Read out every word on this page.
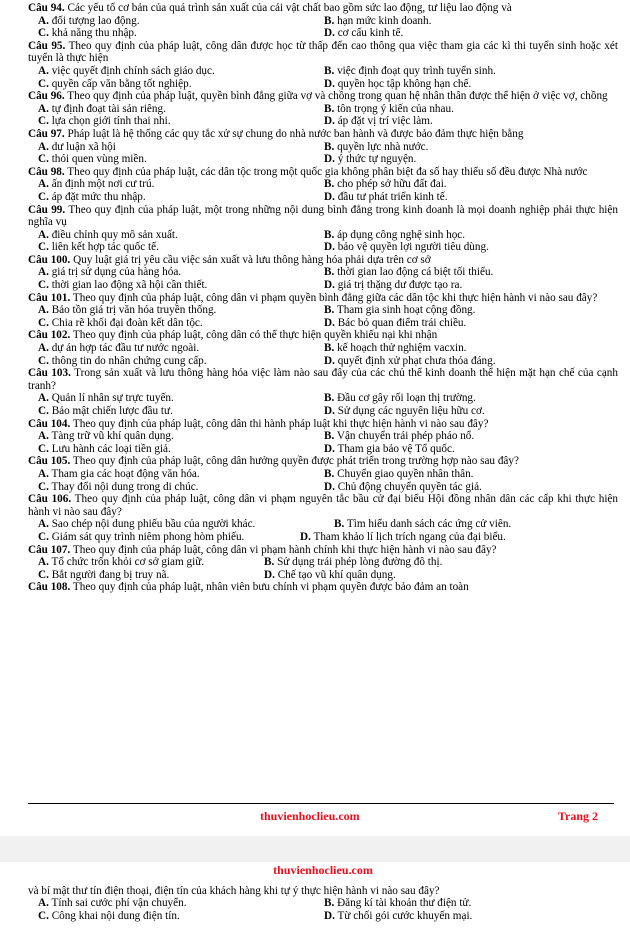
Câu 94. Các yếu tố cơ bản của quá trình sản xuất của cải vật chất bao gồm sức lao động, tư liệu lao động và
A. đối tượng lao động.	B. hạn mức kinh doanh.
C. khả năng thu nhập.	D. cơ cấu kinh tế.
Câu 95. Theo quy định của pháp luật, công dân được học từ thấp đến cao thông qua việc tham gia các kì thi tuyển sinh hoặc xét tuyển là thực hiện
A. việc quyết định chính sách giáo dục.	B. việc định đoạt quy trình tuyển sinh.
C. quyền cấp văn bằng tốt nghiệp.	D. quyền học tập không hạn chế.
Câu 96. Theo quy định của pháp luật, quyền bình đẳng giữa vợ và chồng trong quan hệ nhân thân được thể hiện ở việc vợ, chồng
A. tự định đoạt tài sản riêng.	B. tôn trọng ý kiến của nhau.
C. lựa chọn giới tính thai nhi.	D. áp đặt vị trí việc làm.
Câu 97. Pháp luật là hệ thống các quy tắc xử sự chung do nhà nước ban hành và được bảo đảm thực hiện bằng
A. dư luận xã hội	B. quyền lực nhà nước.
C. thói quen vùng miền.	D. ý thức tự nguyện.
Câu 98. Theo quy định của pháp luật, các dân tộc trong một quốc gia không phân biệt đa số hay thiểu số đều được Nhà nước
A. ấn định một nơi cư trú.	B. cho phép sở hữu đất đai.
C. áp đặt mức thu nhập.	D. đầu tư phát triển kinh tế.
Câu 99. Theo quy định của pháp luật, một trong những nội dung bình đẳng trong kinh doanh là mọi doanh nghiệp phải thực hiện nghĩa vụ
A. điều chỉnh quy mô sản xuất.	B. áp dụng công nghệ sinh học.
C. liên kết hợp tác quốc tế.	D. bảo vệ quyền lợi người tiêu dùng.
Câu 100. Quy luật giá trị yêu cầu việc sản xuất và lưu thông hàng hóa phải dựa trên cơ sở
A. giá trị sử dụng của hàng hóa.	B. thời gian lao động cá biệt tối thiểu.
C. thời gian lao động xã hội cần thiết.	D. giá trị thặng dư được tạo ra.
Câu 101. Theo quy định của pháp luật, công dân vi phạm quyền bình đẳng giữa các dân tộc khi thực hiện hành vi nào sau đây?
A. Bảo tồn giá trị văn hóa truyền thống.	B. Tham gia sinh hoạt cộng đồng.
C. Chia rẽ khối đại đoàn kết dân tộc.	D. Bác bỏ quan điểm trái chiều.
Câu 102. Theo quy định của pháp luật, công dân có thể thực hiện quyền khiếu nại khi nhận
A. dự án hợp tác đầu tư nước ngoài.	B. kế hoạch thử nghiệm vacxin.
C. thông tin do nhân chứng cung cấp.	D. quyết định xử phạt chưa thỏa đáng.
Câu 103. Trong sản xuất và lưu thông hàng hóa việc làm nào sau đây của các chủ thể kinh doanh thể hiện mặt hạn chế của cạnh tranh?
A. Quản lí nhân sự trực tuyến.	B. Đầu cơ gây rối loạn thị trường.
C. Bảo mật chiến lược đầu tư.	D. Sử dụng các nguyên liệu hữu cơ.
Câu 104. Theo quy định của pháp luật, công dân thi hành pháp luật khi thực hiện hành vi nào sau đây?
A. Tàng trữ vũ khí quân dụng.	B. Vận chuyển trái phép pháo nổ.
C. Lưu hành các loại tiền giả.	D. Tham gia bảo vệ Tổ quốc.
Câu 105. Theo quy định của pháp luật, công dân hưởng quyền được phát triển trong trường hợp nào sau đây?
A. Tham gia các hoạt động văn hóa.	B. Chuyển giao quyền nhân thân.
C. Thay đổi nội dung trong di chúc.	D. Chủ động chuyển quyền tác giả.
Câu 106. Theo quy định của pháp luật, công dân vi phạm nguyên tắc bầu cử đại biểu Hội đồng nhân dân các cấp khi thực hiện hành vi nào sau đây?
A. Sao chép nội dung phiếu bầu của người khác.	B. Tìm hiểu danh sách các ứng cử viên.
C. Giám sát quy trình niêm phong hòm phiếu.	D. Tham khảo lí lịch trích ngang của đại biểu.
Câu 107. Theo quy định của pháp luật, công dân vi phạm hành chính khi thực hiện hành vi nào sau đây?
A. Tổ chức trốn khỏi cơ sở giam giữ.	B. Sử dụng trái phép lòng đường đô thị.
C. Bắt người đang bị truy nã.	D. Chế tạo vũ khí quân dụng.
Câu 108. Theo quy định của pháp luật, nhân viên bưu chính vi phạm quyền được bảo đảm an toàn
thuvienhoclieu.com	Trang 2
thuvienhoclieu.com
và bí mật thư tín điện thoại, điện tín của khách hàng khi tự ý thực hiện hành vi nào sau đây?
A. Tính sai cước phí vận chuyển.	B. Đăng kí tài khoản thư điện tử.
C. Công khai nội dung điện tín.	D. Từ chối gói cước khuyến mại.
